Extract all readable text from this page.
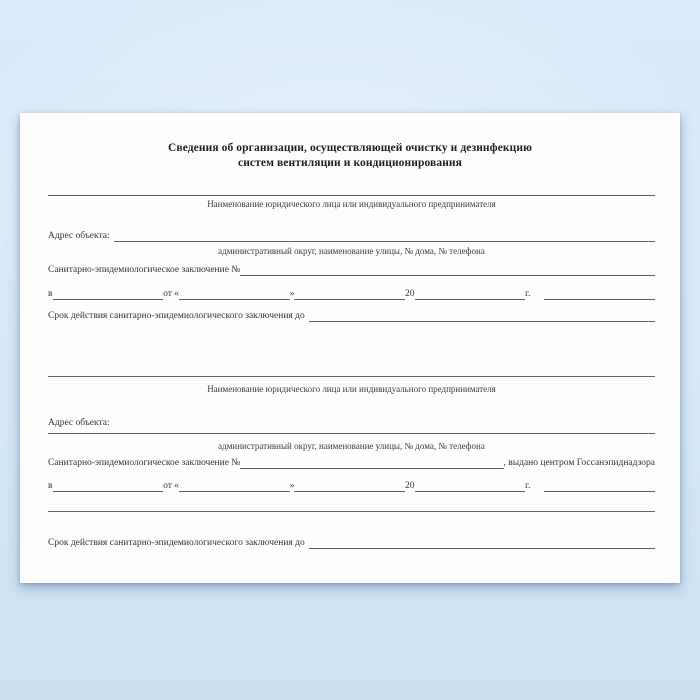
Сведения об организации, осуществляющей очистку и дезинфекцию
систем вентиляции и кондиционирования
Наименование юридического лица или индивидуального предпринимателя
Адрес объекта:
административный округ, наименование улицы, № дома, № телефона
Санитарно-эпидемиологическое заключение №
в	от «	»	20	г.
Срок действия санитарно-эпидемиологического заключения до
Наименование юридического лица или индивидуального предпринимателя
Адрес объекта:
административный округ, наименование улицы, № дома, № телефона
Санитарно-эпидемиологическое заключение №	, выдано центром Госсанэпиднадзора
в	от «	»	20	г.
Срок действия санитарно-эпидемиологического заключения до
